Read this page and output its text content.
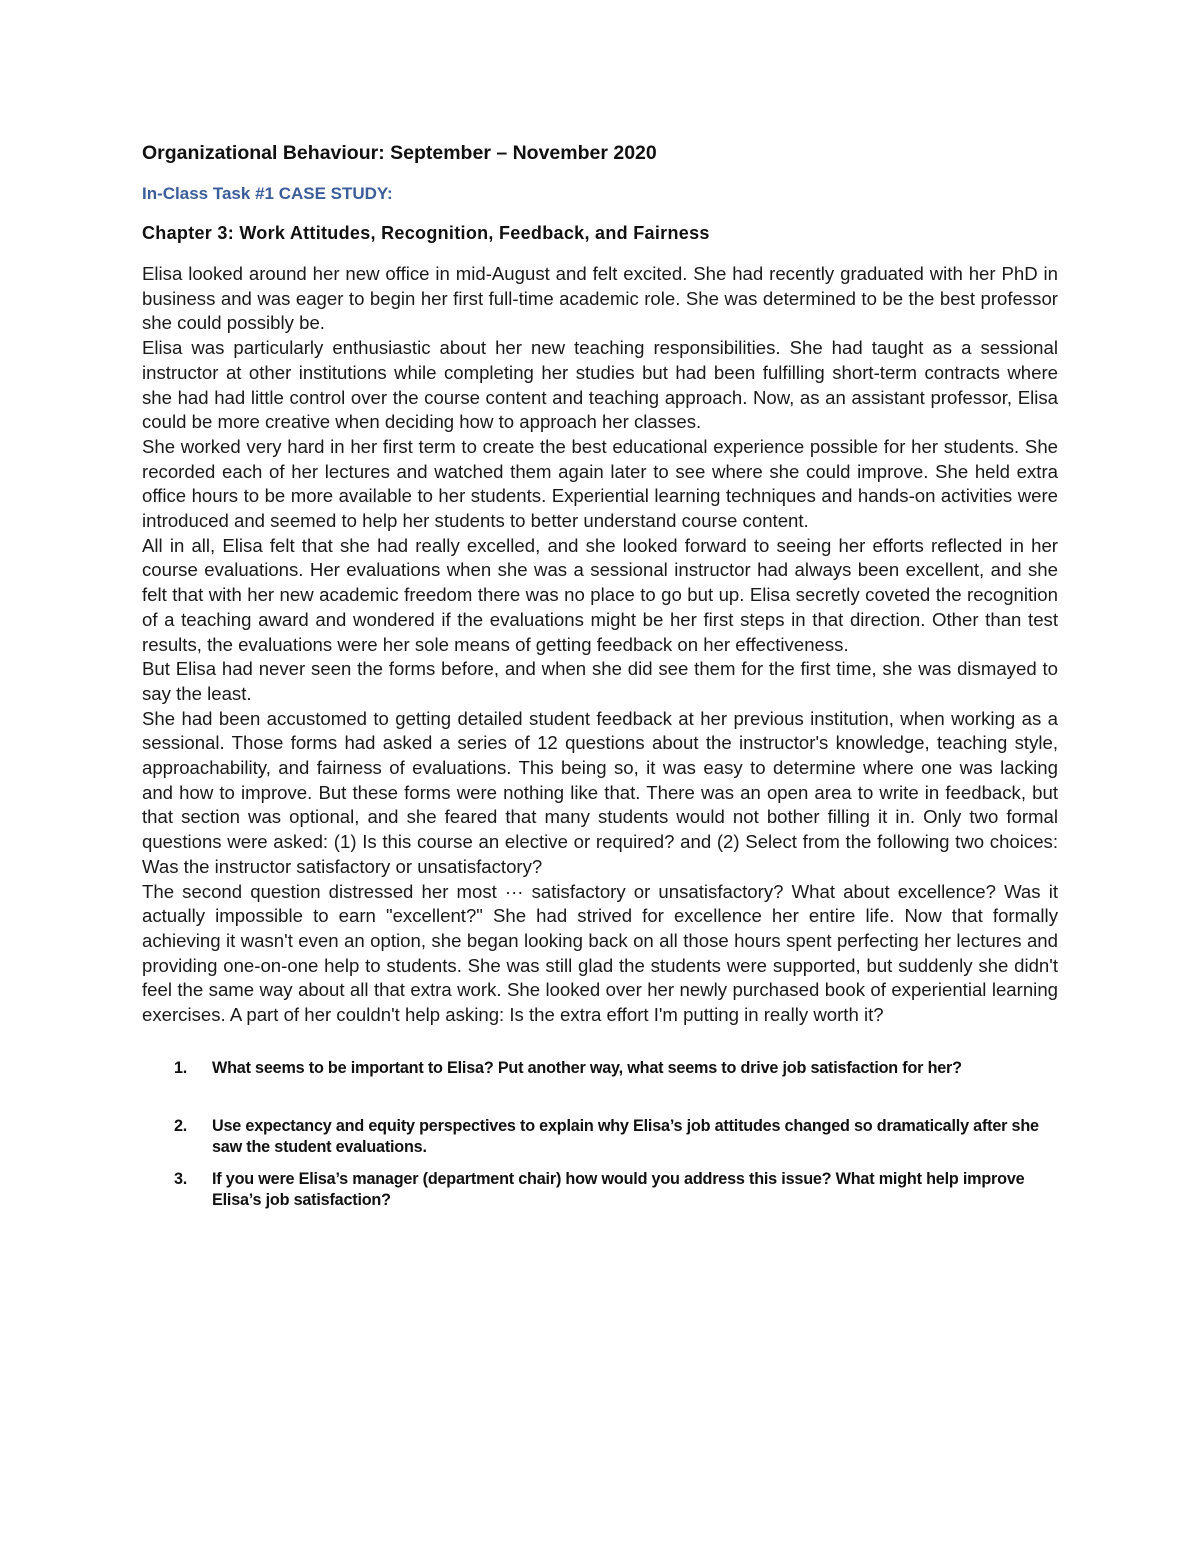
Organizational Behaviour: September – November 2020
In-Class Task #1 CASE STUDY:
Chapter 3: Work Attitudes, Recognition, Feedback, and Fairness

Elisa looked around her new office in mid-August and felt excited. She had recently graduated with her PhD in business and was eager to begin her first full-time academic role. She was determined to be the best professor she could possibly be.

Elisa was particularly enthusiastic about her new teaching responsibilities. She had taught as a sessional instructor at other institutions while completing her studies but had been fulfilling short-term contracts where she had had little control over the course content and teaching approach. Now, as an assistant professor, Elisa could be more creative when deciding how to approach her classes.

She worked very hard in her first term to create the best educational experience possible for her students. She recorded each of her lectures and watched them again later to see where she could improve. She held extra office hours to be more available to her students. Experiential learning techniques and hands-on activities were introduced and seemed to help her students to better understand course content.

All in all, Elisa felt that she had really excelled, and she looked forward to seeing her efforts reflected in her course evaluations. Her evaluations when she was a sessional instructor had always been excellent, and she felt that with her new academic freedom there was no place to go but up. Elisa secretly coveted the recognition of a teaching award and wondered if the evaluations might be her first steps in that direction. Other than test results, the evaluations were her sole means of getting feedback on her effectiveness.

But Elisa had never seen the forms before, and when she did see them for the first time, she was dismayed to say the least.

She had been accustomed to getting detailed student feedback at her previous institution, when working as a sessional. Those forms had asked a series of 12 questions about the instructor's knowledge, teaching style, approachability, and fairness of evaluations. This being so, it was easy to determine where one was lacking and how to improve. But these forms were nothing like that. There was an open area to write in feedback, but that section was optional, and she feared that many students would not bother filling it in. Only two formal questions were asked: (1) Is this course an elective or required? and (2) Select from the following two choices: Was the instructor satisfactory or unsatisfactory?

The second question distressed her most ··· satisfactory or unsatisfactory? What about excellence? Was it actually impossible to earn "excellent?" She had strived for excellence her entire life. Now that formally achieving it wasn't even an option, she began looking back on all those hours spent perfecting her lectures and providing one-on-one help to students. She was still glad the students were supported, but suddenly she didn't feel the same way about all that extra work. She looked over her newly purchased book of experiential learning exercises. A part of her couldn't help asking: Is the extra effort I'm putting in really worth it?

1. What seems to be important to Elisa? Put another way, what seems to drive job satisfaction for her?
2. Use expectancy and equity perspectives to explain why Elisa’s job attitudes changed so dramatically after she saw the student evaluations.
3. If you were Elisa’s manager (department chair) how would you address this issue? What might help improve Elisa’s job satisfaction?
